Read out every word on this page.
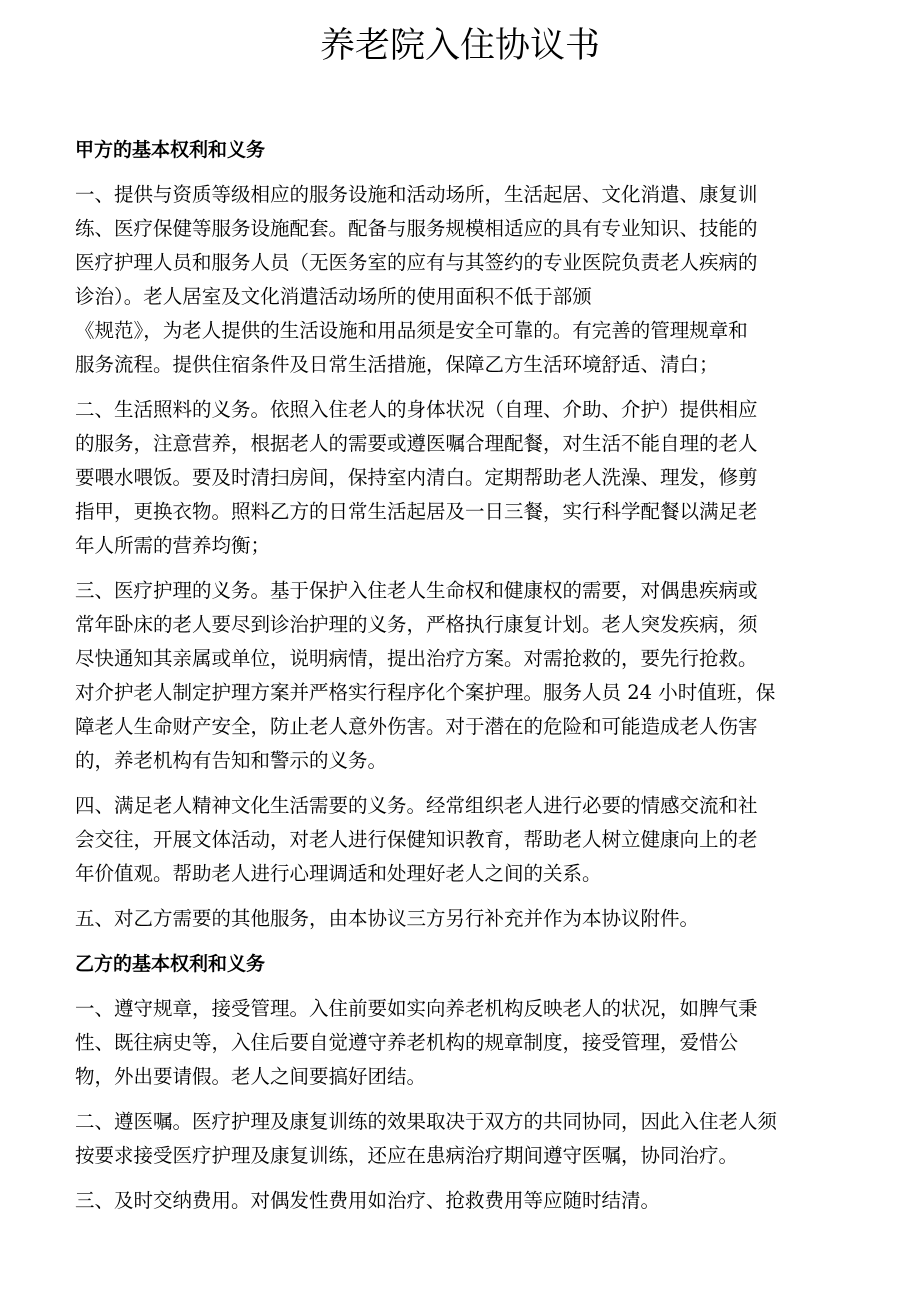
养老院入住协议书
甲方的基本权利和义务
一、提供与资质等级相应的服务设施和活动场所，生活起居、文化消遣、康复训
练、医疗保健等服务设施配套。配备与服务规模相适应的具有专业知识、技能的
医疗护理人员和服务人员（无医务室的应有与其签约的专业医院负责老人疾病的
诊治）。老人居室及文化消遣活动场所的使用面积不低于部颁
《规范》，为老人提供的生活设施和用品须是安全可靠的。有完善的管理规章和
服务流程。提供住宿条件及日常生活措施，保障乙方生活环境舒适、清白；
二、生活照料的义务。依照入住老人的身体状况（自理、介助、介护）提供相应
的服务，注意营养，根据老人的需要或遵医嘱合理配餐，对生活不能自理的老人
要喂水喂饭。要及时清扫房间，保持室内清白。定期帮助老人洗澡、理发，修剪
指甲，更换衣物。照料乙方的日常生活起居及一日三餐，实行科学配餐以满足老
年人所需的营养均衡；
三、医疗护理的义务。基于保护入住老人生命权和健康权的需要，对偶患疾病或
常年卧床的老人要尽到诊治护理的义务，严格执行康复计划。老人突发疾病，须
尽快通知其亲属或单位，说明病情，提出治疗方案。对需抢救的，要先行抢救。
对介护老人制定护理方案并严格实行程序化个案护理。服务人员 24 小时值班，保
障老人生命财产安全，防止老人意外伤害。对于潜在的危险和可能造成老人伤害
的，养老机构有告知和警示的义务。
四、满足老人精神文化生活需要的义务。经常组织老人进行必要的情感交流和社
会交往，开展文体活动，对老人进行保健知识教育，帮助老人树立健康向上的老
年价值观。帮助老人进行心理调适和处理好老人之间的关系。
五、对乙方需要的其他服务，由本协议三方另行补充并作为本协议附件。
乙方的基本权利和义务
一、遵守规章，接受管理。入住前要如实向养老机构反映老人的状况，如脾气秉
性、既往病史等，入住后要自觉遵守养老机构的规章制度，接受管理，爱惜公
物，外出要请假。老人之间要搞好团结。
二、遵医嘱。医疗护理及康复训练的效果取决于双方的共同协同，因此入住老人须
按要求接受医疗护理及康复训练，还应在患病治疗期间遵守医嘱，协同治疗。
三、及时交纳费用。对偶发性费用如治疗、抢救费用等应随时结清。
